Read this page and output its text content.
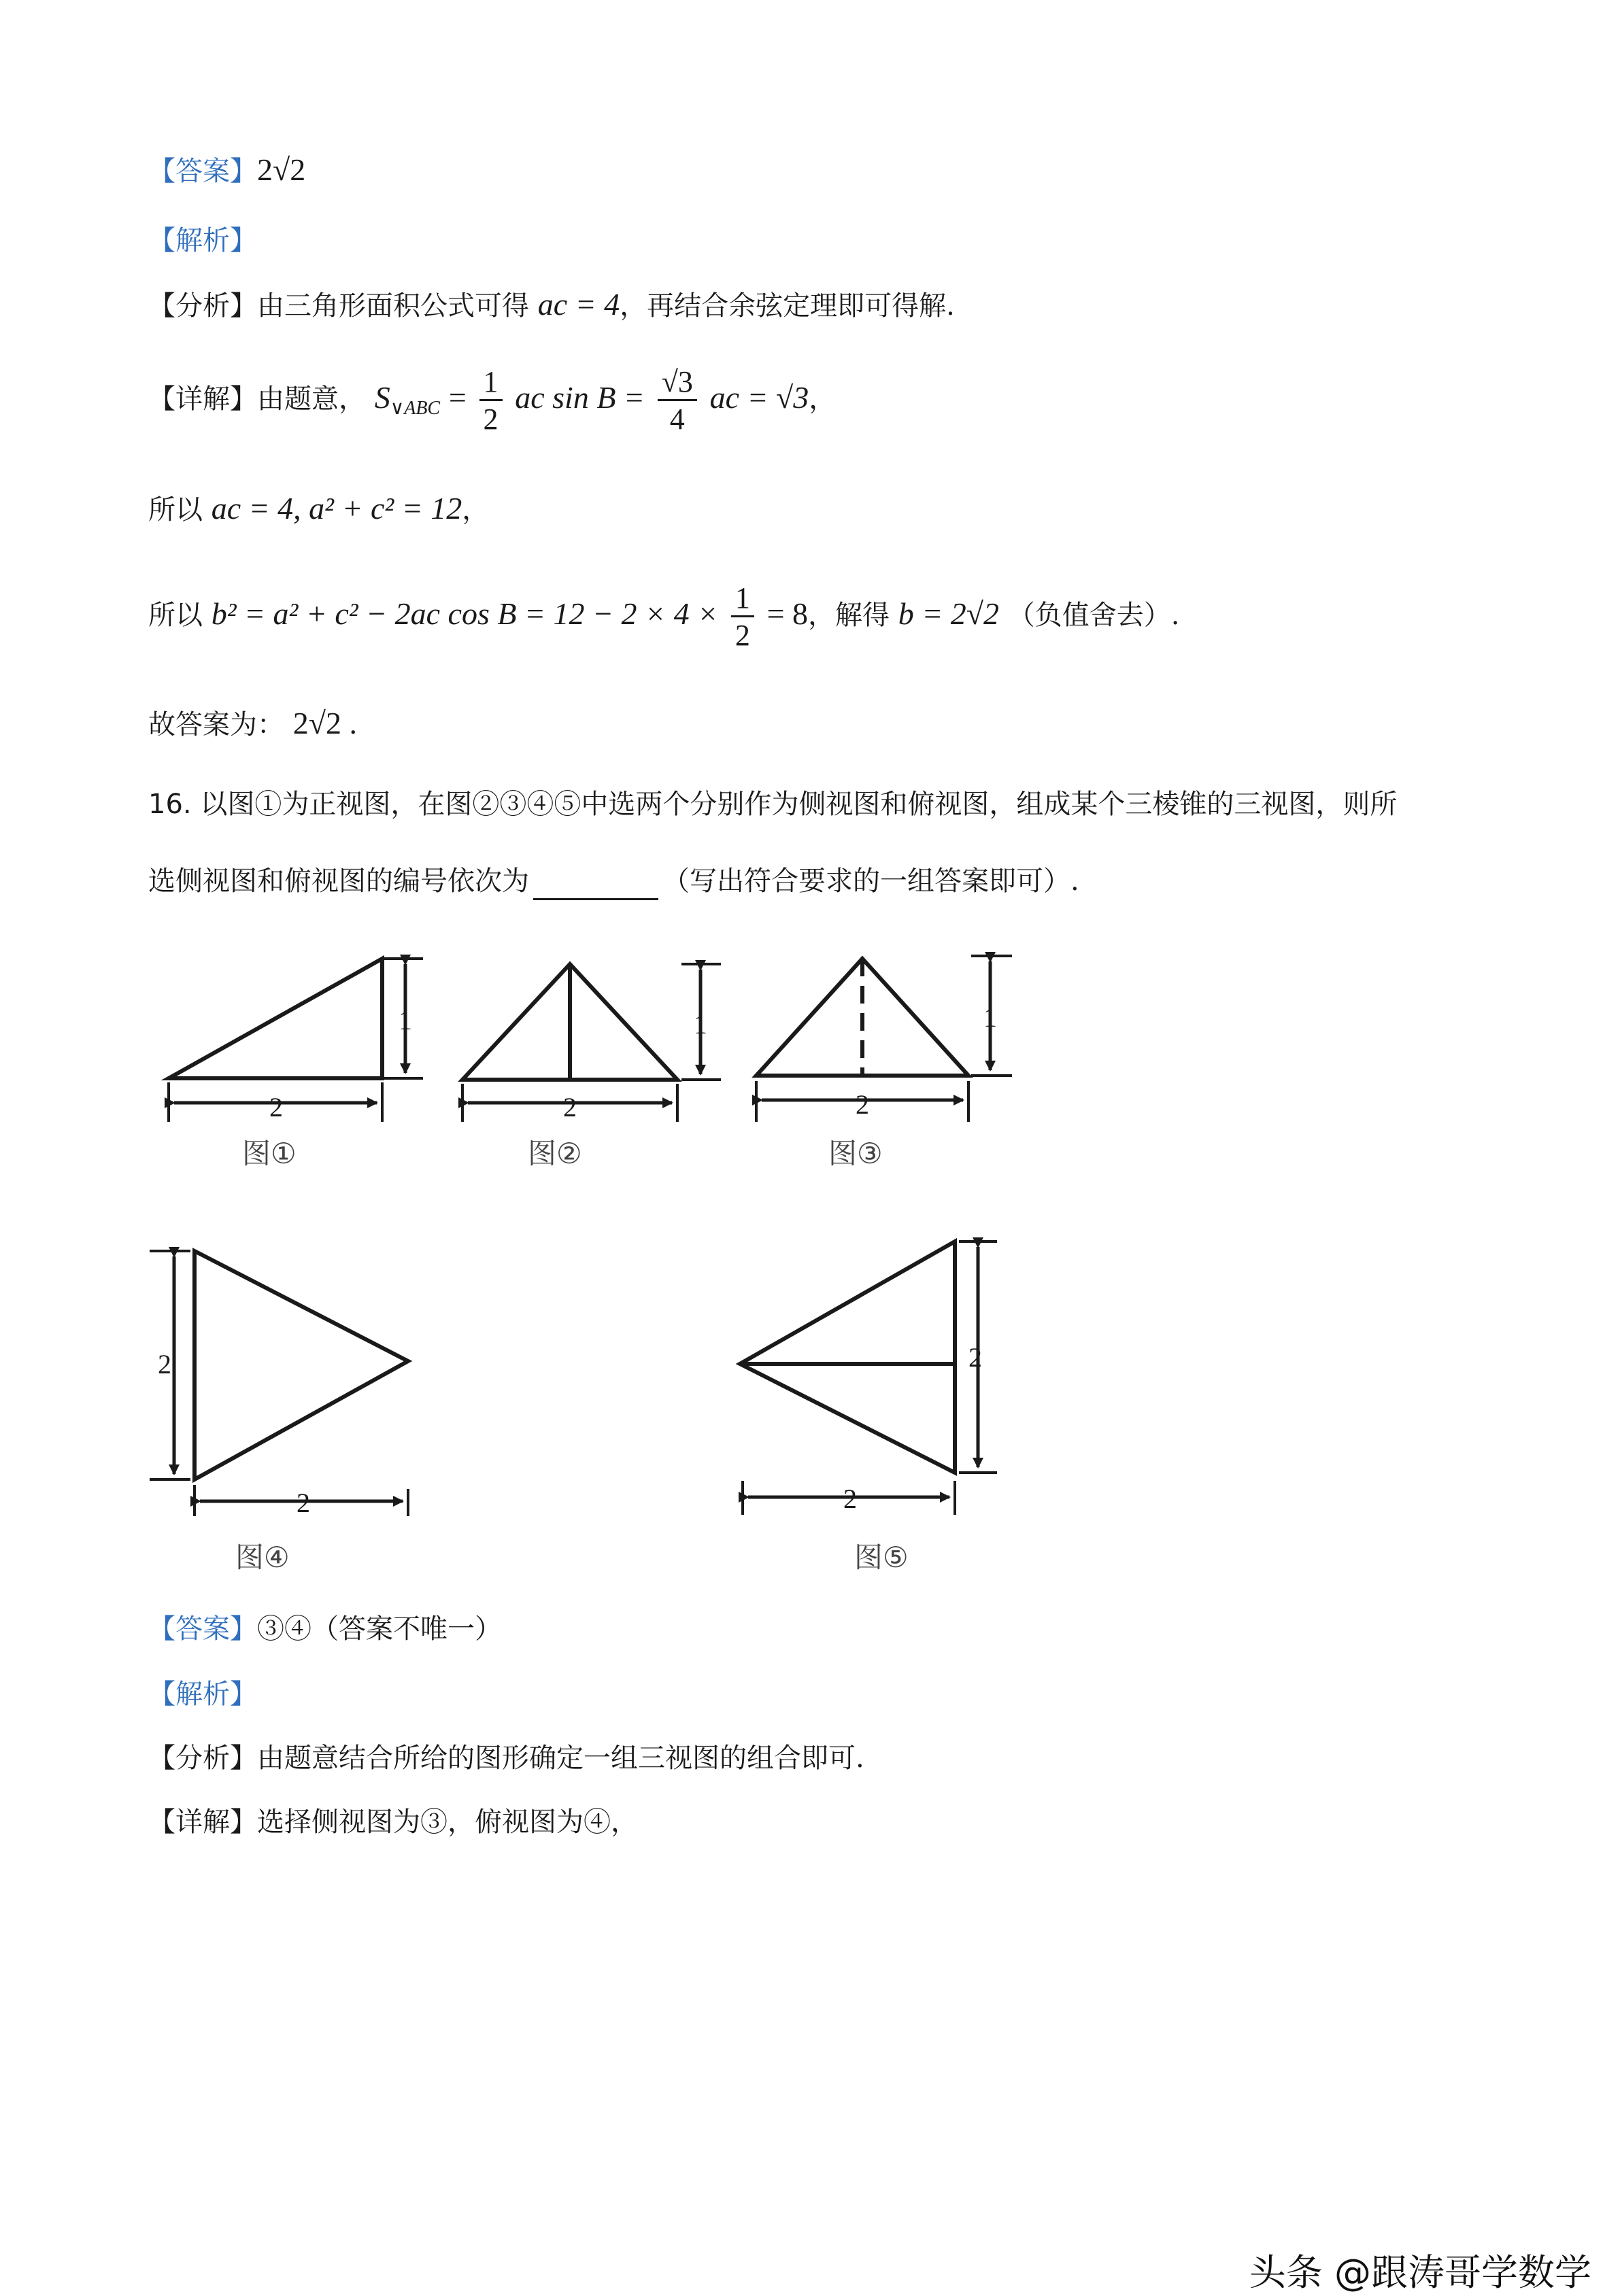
【答案】2√2
【解析】
【分析】由三角形面积公式可得 ac = 4，再结合余弦定理即可得解.
【详解】由题意， $S_{\vee ABC} = \frac{1}{2}$ ac $\sin B = \frac{√3}{4}$ ac = √3，
所以 ac = 4, a² + c² = 12，
所以 b² = a² + c² − 2ac $\cos B = 12 - 2 \times 4 \times \frac{1}{2} = 8$，解得 b = 2√2 （负值舍去）.
故答案为： 2√2 .
16. 以图①为正视图，在图②③④⑤中选两个分别作为侧视图和俯视图，组成某个三棱锥的三视图，则所
选侧视图和俯视图的编号依次为	（写出符合要求的一组答案即可）.
1
2
1
2
1
2
2
2
2
2
图①	图②	图③
图④	图⑤
【答案】③④（答案不唯一）
【解析】
【分析】由题意结合所给的图形确定一组三视图的组合即可.
【详解】选择侧视图为③，俯视图为④，
头条 @跟涛哥学数学
